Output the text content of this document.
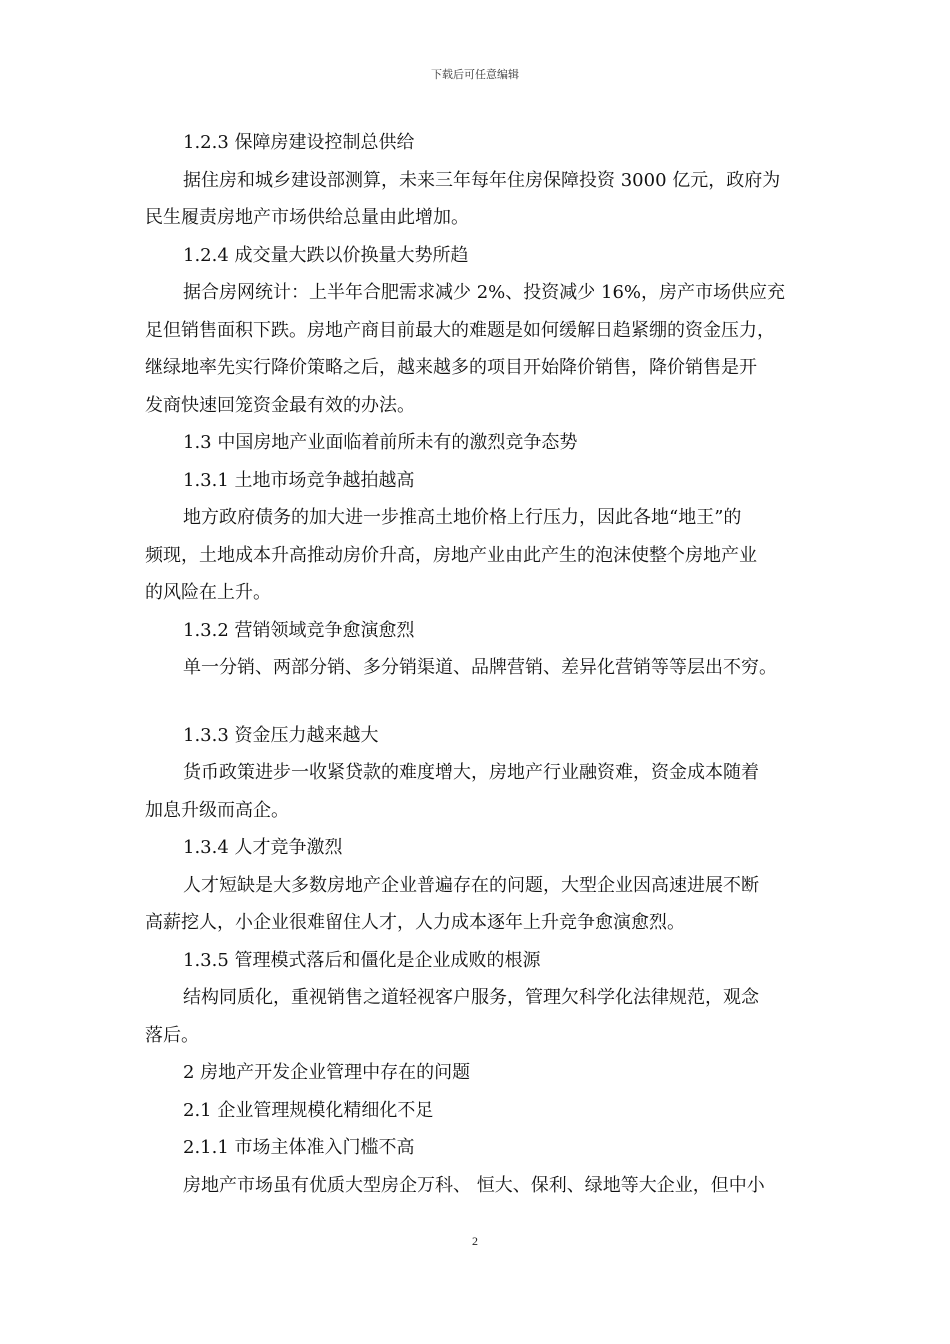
下载后可任意编辑
1.2.3 保障房建设控制总供给
据住房和城乡建设部测算，未来三年每年住房保障投资 3000 亿元，政府为
民生履责房地产市场供给总量由此增加。
1.2.4 成交量大跌以价换量大势所趋
据合房网统计：上半年合肥需求减少 2%、投资减少 16%，房产市场供应充
足但销售面积下跌。房地产商目前最大的难题是如何缓解日趋紧绷的资金压力，
继绿地率先实行降价策略之后，越来越多的项目开始降价销售，降价销售是开
发商快速回笼资金最有效的办法。
1.3 中国房地产业面临着前所未有的激烈竞争态势
1.3.1 土地市场竞争越拍越高
地方政府债务的加大进一步推高土地价格上行压力，因此各地“地王”的
频现，土地成本升高推动房价升高，房地产业由此产生的泡沫使整个房地产业
的风险在上升。
1.3.2 营销领域竞争愈演愈烈
单一分销、两部分销、多分销渠道、品牌营销、差异化营销等等层出不穷。
1.3.3 资金压力越来越大
货币政策进步一收紧贷款的难度增大，房地产行业融资难，资金成本随着
加息升级而高企。
1.3.4 人才竞争激烈
人才短缺是大多数房地产企业普遍存在的问题，大型企业因高速进展不断
高薪挖人，小企业很难留住人才，人力成本逐年上升竞争愈演愈烈。
1.3.5 管理模式落后和僵化是企业成败的根源
结构同质化，重视销售之道轻视客户服务，管理欠科学化法律规范，观念
落后。
2 房地产开发企业管理中存在的问题
2.1 企业管理规模化精细化不足
2.1.1 市场主体准入门槛不高
房地产市场虽有优质大型房企万科、 恒大、保利、绿地等大企业，但中小
2
